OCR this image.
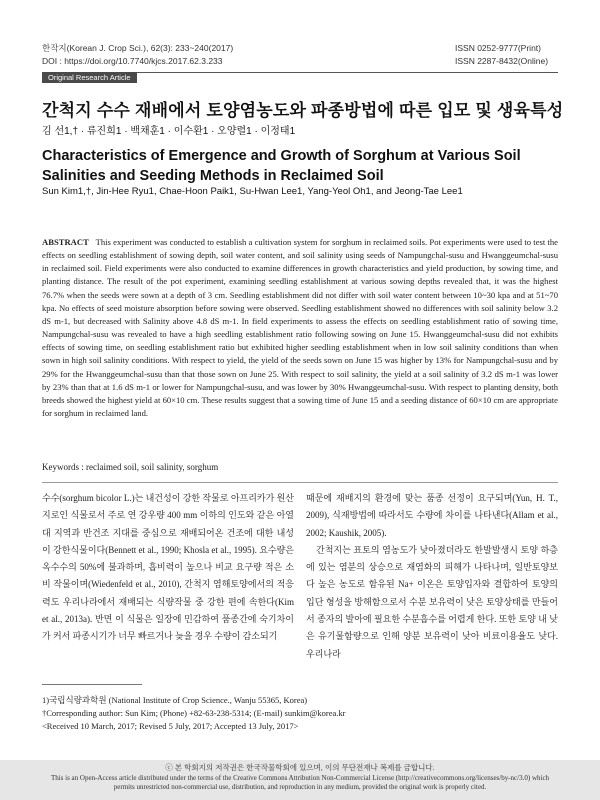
한작지(Korean J. Crop Sci.), 62(3): 233~240(2017)
DOI : https://doi.org/10.7740/kjcs.2017.62.3.233
ISSN 0252-9777(Print)
ISSN 2287-8432(Online)
Original Research Article
간척지 수수 재배에서 토양염농도와 파종방법에 따른 입모 및 생육특성
김 선1,† · 류진희1 · 백채훈1 · 이수환1 · 오양렬1 · 이정태1
Characteristics of Emergence and Growth of Sorghum at Various Soil Salinities and Seeding Methods in Reclaimed Soil
Sun Kim1,†, Jin-Hee Ryu1, Chae-Hoon Paik1, Su-Hwan Lee1, Yang-Yeol Oh1, and Jeong-Tae Lee1
ABSTRACT This experiment was conducted to establish a cultivation system for sorghum in reclaimed soils. Pot experiments were used to test the effects on seedling establishment of sowing depth, soil water content, and soil salinity using seeds of Nampungchal-susu and Hwanggeumchal-susu in reclaimed soil. Field experiments were also conducted to examine differences in growth characteristics and yield production, by sowing time, and planting distance. The result of the pot experiment, examining seedling establishment at various sowing depths revealed that, it was the highest 76.7% when the seeds were sown at a depth of 3 cm. Seedling establishment did not differ with soil water content between 10~30 kpa and at 51~70 kpa. No effects of seed moisture absorption before sowing were observed. Seedling establishment showed no differences with soil salinity below 3.2 dS m-1, but decreased with Salinity above 4.8 dS m-1. In field experiments to assess the effects on seedling establishment ratio of sowing time, Nampungchal-susu was revealed to have a high seedling establishment ratio following sowing on June 15. Hwanggeumchal-susu did not exhibits effects of sowing time, on seedling establishment ratio but exhibited higher seedling establishment when in low soil salinity conditions than when sown in high soil salinity conditions. With respect to yield, the yield of the seeds sown on June 15 was higher by 13% for Nampungchal-susu and by 29% for the Hwanggeumchal-susu than that those sown on June 25. With respect to soil salinity, the yield at a soil salinity of 3.2 dS m-1 was lower by 23% than that at 1.6 dS m-1 or lower for Nampungchal-susu, and was lower by 30% Hwanggeumchal-susu. With respect to planting density, both breeds showed the highest yield at 60×10 cm. These results suggest that a sowing time of June 15 and a seeding distance of 60×10 cm are appropriate for sorghum in reclaimed land.
Keywords : reclaimed soil, soil salinity, sorghum

수수(sorghum bicolor L.)는 내건성이 강한 작물로 아프리카가 원산지로인 식물로서 주로 연 강우량 400 mm 이하의 인도와 같은 아열대 지역과 반건조 지대를 중심으로 재배되어온 건조에 대한 내성이 강한식물이다(Bennett et al., 1990; Khosla et al., 1995). 요수량은 옥수수의 50%에 불과하며, 흡비력이 높으나 비교 요구량 적은 소비 작물이며(Wiedenfeld et al., 2010), 간척지 염해토양에서의 적응력도 우리나라에서 재배되는 식량작물 중 강한 편에 속한다(Kim et al., 2013a). 반면 이 식물은 일장에 민감하여 품종간에 숙기차이가 커서 파종시기가 너무 빠르거나 늦을 경우 수량이 감소되기

때문에 재배지의 환경에 맞는 품종 선정이 요구되며(Yun, H. T., 2009), 식재방법에 따라서도 수량에 차이를 나타낸다(Allam et al., 2002; Kaushik, 2005).

간척지는 표토의 염농도가 낮아졌더라도 한발발생시 토양 하층에 있는 염분의 상승으로 재염화의 피해가 나타나며, 일반토양보다 높은 농도로 함유된 Na+ 이온은 토양입자와 결합하여 토양의 입단 형성을 방해함으로서 수분 보유력이 낮은 토양상태를 만들어서 종자의 발아에 필요한 수분흡수를 어렵게 한다. 또한 토양 내 낮은 유기물함량으로 인해 양분 보유력이 낮아 비료이용율도 낮다. 우리나라

1)국립식량과학원 (National Institute of Crop Science., Wanju 55365, Korea)
†Corresponding author: Sun Kim; (Phone) +82-63-238-5314; (E-mail) sunkim@korea.kr
<Received 10 March, 2017; Revised 5 July, 2017; Accepted 13 July, 2017>
ⓒ 본 학회지의 저작권은 한국작물학회에 있으며, 이의 무단전재나 복제를 금합니다.
This is an Open-Access article distributed under the terms of the Creative Commons Attribution Non-Commercial License (http://creativecommons.org/licenses/by-nc/3.0) which permits unrestricted non-commercial use, distribution, and reproduction in any medium, provided the original work is properly cited.
